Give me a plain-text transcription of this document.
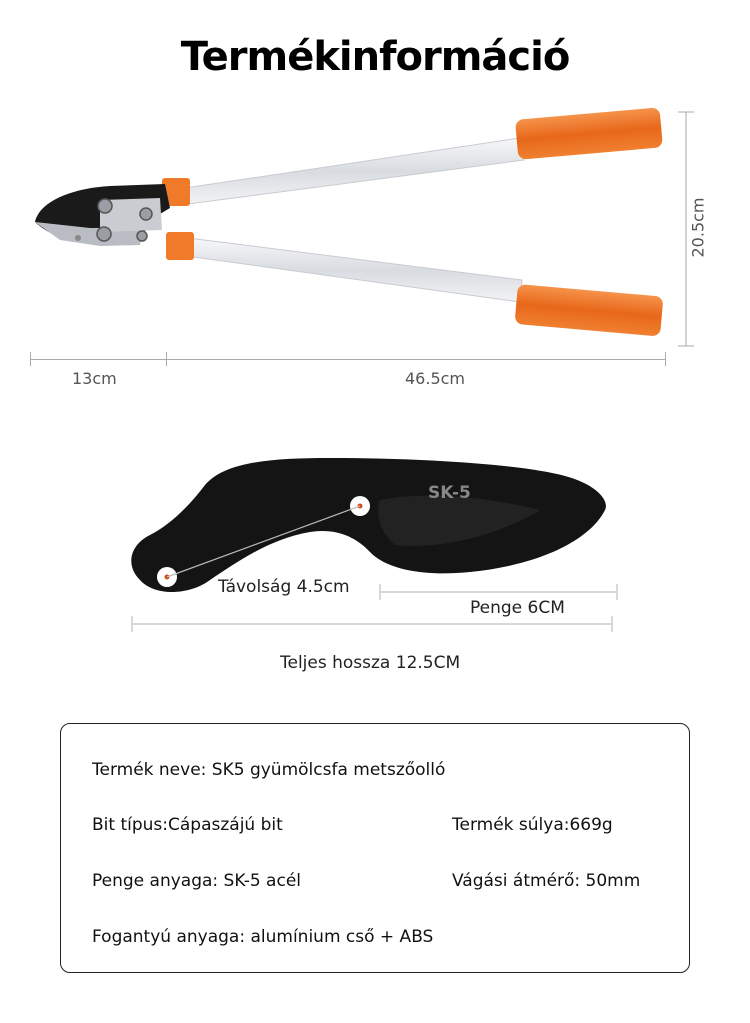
Termékinformáció
20.5cm
13cm	46.5cm
SK-5
Távolság 4.5cm
Penge 6CM
Teljes hossza 12.5CM
Termék neve: SK5 gyümölcsfa metszőolló
Bit típus:Cápaszájú bit	Termék súlya:669g
Penge anyaga: SK-5 acél	Vágási átmérő: 50mm
Fogantyú anyaga: alumínium cső + ABS
